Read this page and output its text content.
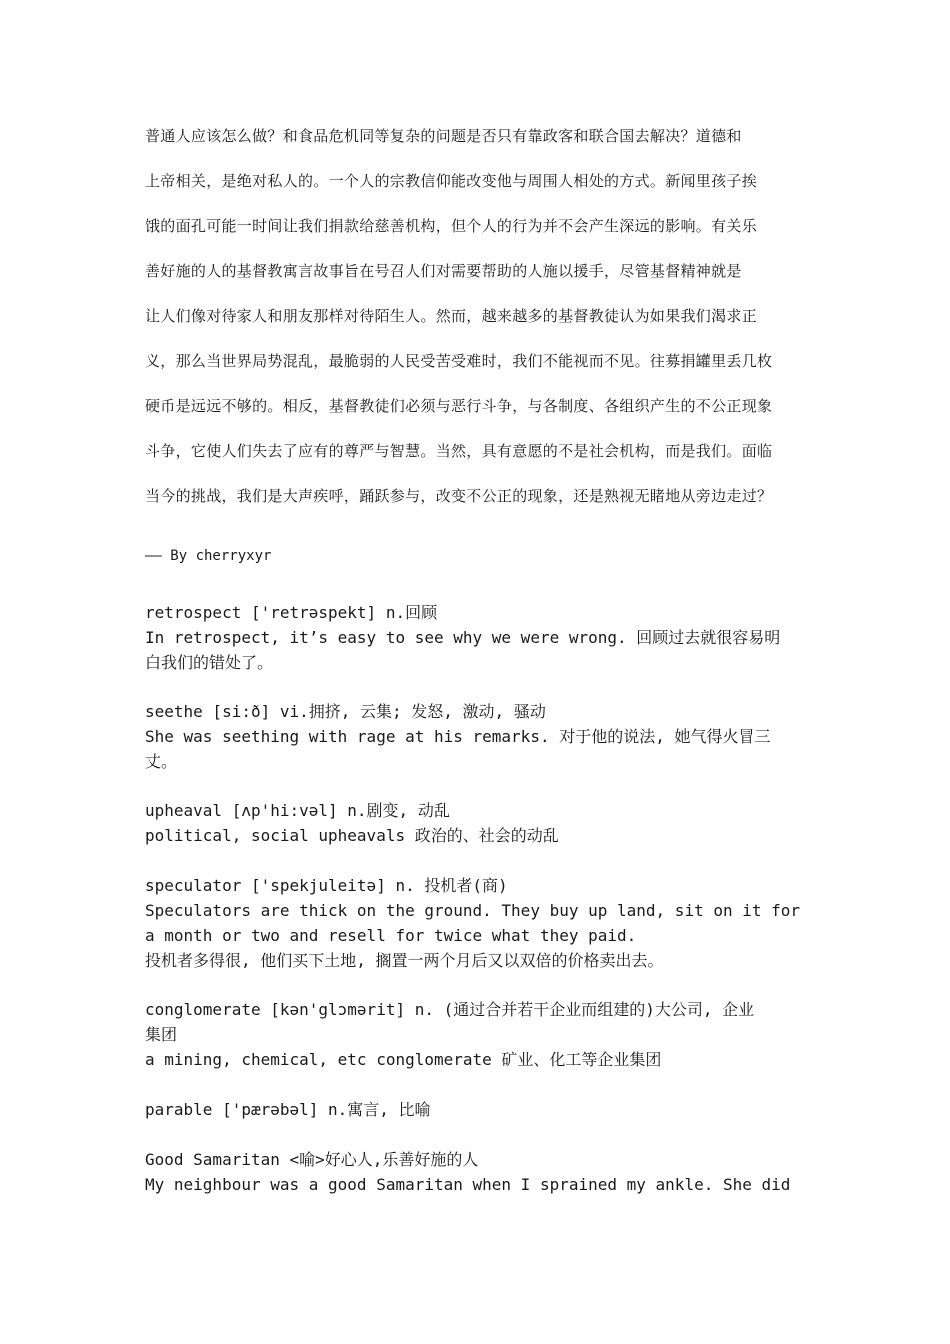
普通人应该怎么做？和食品危机同等复杂的问题是否只有靠政客和联合国去解决？道德和
上帝相关，是绝对私人的。一个人的宗教信仰能改变他与周围人相处的方式。新闻里孩子挨
饿的面孔可能一时间让我们捐款给慈善机构，但个人的行为并不会产生深远的影响。有关乐
善好施的人的基督教寓言故事旨在号召人们对需要帮助的人施以援手，尽管基督精神就是
让人们像对待家人和朋友那样对待陌生人。然而，越来越多的基督教徒认为如果我们渴求正
义，那么当世界局势混乱，最脆弱的人民受苦受难时，我们不能视而不见。往募捐罐里丢几枚
硬币是远远不够的。相反，基督教徒们必须与恶行斗争，与各制度、各组织产生的不公正现象
斗争，它使人们失去了应有的尊严与智慧。当然，具有意愿的不是社会机构，而是我们。面临
当今的挑战，我们是大声疾呼，踊跃参与，改变不公正的现象，还是熟视无睹地从旁边走过？
—— By cherryxyr
retrospect ['retrəspekt] n.回顾
In retrospect, it’s easy to see why we were wrong. 回顾过去就很容易明
白我们的错处了。
seethe [si:ð] vi.拥挤, 云集; 发怒, 激动, 骚动
She was seething with rage at his remarks. 对于他的说法, 她气得火冒三
丈。
upheaval [ʌp'hi:vəl] n.剧变, 动乱
political, social upheavals 政治的、社会的动乱
speculator ['spekjuleitə] n. 投机者(商)
Speculators are thick on the ground. They buy up land, sit on it for
a month or two and resell for twice what they paid.
投机者多得很, 他们买下土地, 搁置一两个月后又以双倍的价格卖出去。
conglomerate [kən'glɔmərit] n. (通过合并若干企业而组建的)大公司, 企业
集团
a mining, chemical, etc conglomerate 矿业、化工等企业集团
parable ['pærəbəl] n.寓言, 比喻
Good Samaritan <喻>好心人,乐善好施的人
My neighbour was a good Samaritan when I sprained my ankle. She did
